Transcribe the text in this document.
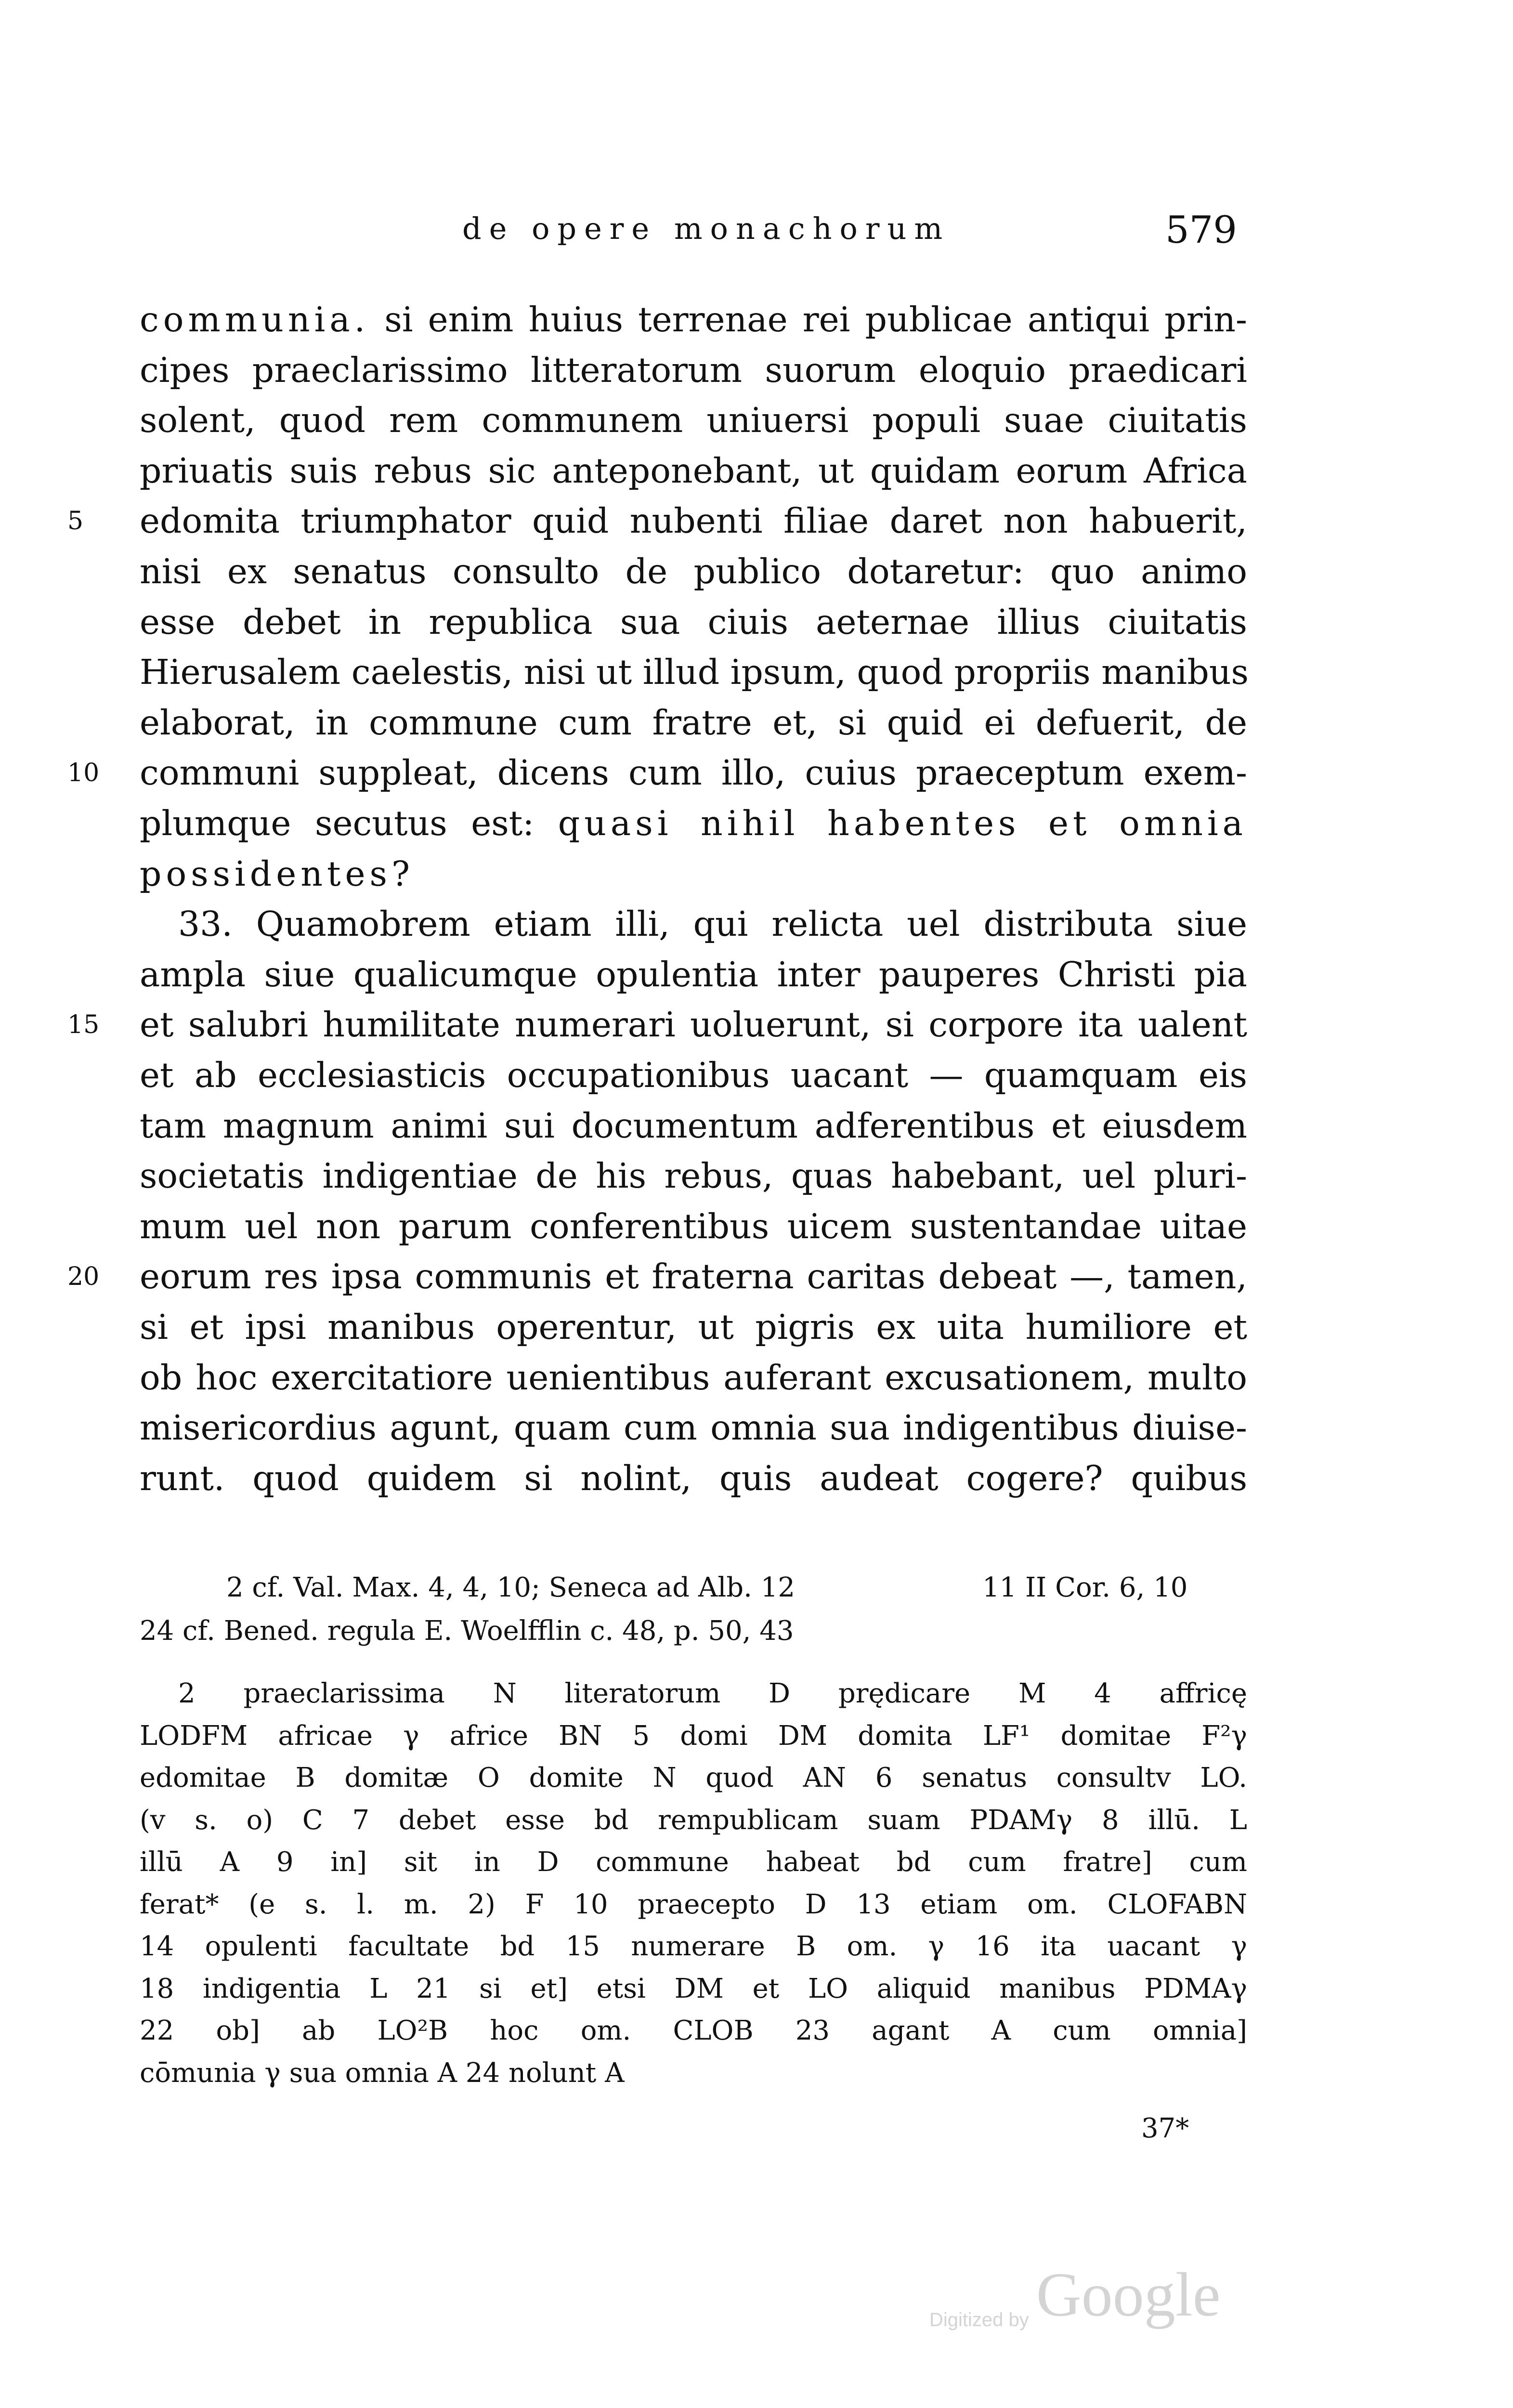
de opere monachorum	579
communia. si enim huius terrenae rei publicae antiqui prin-
cipes praeclarissimo litteratorum suorum eloquio praedicari
solent, quod rem communem uniuersi populi suae ciuitatis
priuatis suis rebus sic anteponebant, ut quidam eorum Africa
edomita triumphator quid nubenti filiae daret non habuerit,
5
nisi ex senatus consulto de publico dotaretur: quo animo
esse debet in republica sua ciuis aeternae illius ciuitatis
Hierusalem caelestis, nisi ut illud ipsum, quod propriis manibus
elaborat, in commune cum fratre et, si quid ei defuerit, de
communi suppleat, dicens cum illo, cuius praeceptum exem-
10
plumque secutus est: quasi nihil habentes et omnia
possidentes?
33. Quamobrem etiam illi, qui relicta uel distributa siue
ampla siue qualicumque opulentia inter pauperes Christi pia
et salubri humilitate numerari uoluerunt, si corpore ita ualent
15
et ab ecclesiasticis occupationibus uacant — quamquam eis
tam magnum animi sui documentum adferentibus et eiusdem
societatis indigentiae de his rebus, quas habebant, uel pluri-
mum uel non parum conferentibus uicem sustentandae uitae
eorum res ipsa communis et fraterna caritas debeat —, tamen,
20
si et ipsi manibus operentur, ut pigris ex uita humiliore et
ob hoc exercitatiore uenientibus auferant excusationem, multo
misericordius agunt, quam cum omnia sua indigentibus diuise-
runt. quod quidem si nolint, quis audeat cogere? quibus
2 cf. Val. Max. 4, 4, 10; Seneca ad Alb. 12	11 II Cor. 6, 10
24 cf. Bened. regula E. Woelfflin c. 48, p. 50, 43
2 praeclarissima N literatorum D prędicare M 4 affricę
LODFM africae γ africe BN 5 domi DM domita LF¹ domitae F²γ
edomitae B domitæ O domite N quod AN 6 senatus consultv LO.
(v s. o) C 7 debet esse bd rempublicam suam PDAMγ 8 illū. L
illū A 9 in] sit in D commune habeat bd cum fratre] cum
ferat* (e s. l. m. 2) F 10 praecepto D 13 etiam om. CLOFABN
14 opulenti facultate bd 15 numerare B om. γ 16 ita uacant γ
18 indigentia L 21 si et] etsi DM et LO aliquid manibus PDMAγ
22 ob] ab LO²B hoc om. CLOB 23 agant A cum omnia]
cōmunia γ sua omnia A 24 nolunt A
37*
Digitized by Google
